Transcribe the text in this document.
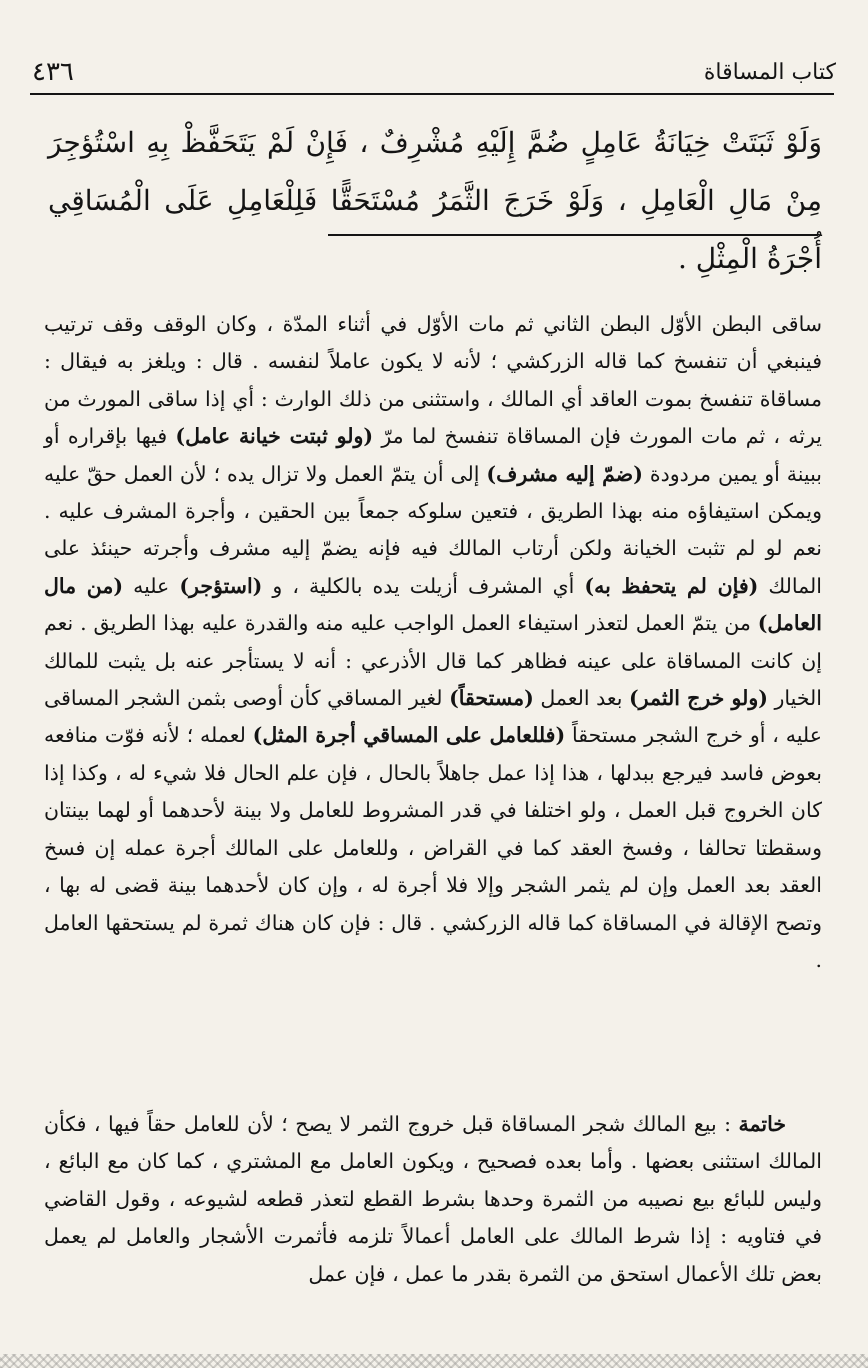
كتاب المساقاة
٤٣٦

وَلَوْ ثَبَتَتْ خِيَانَةُ عَامِلٍ ضُمَّ إِلَيْهِ مُشْرِفٌ ، فَإِنْ لَمْ يَتَحَفَّظْ بِهِ اسْتُؤجِرَ مِنْ مَالِ الْعَامِلِ ، وَلَوْ خَرَجَ الثَّمَرُ مُسْتَحَقًّا فَلِلْعَامِلِ عَلَى الْمُسَاقِي أُجْرَةُ الْمِثْلِ .

ساقى البطن الأوّل البطن الثاني ثم مات الأوّل في أثناء المدّة ، وكان الوقف وقف ترتيب فينبغي أن تنفسخ كما قاله الزركشي ؛ لأنه لا يكون عاملاً لنفسه . قال : ويلغز به فيقال : مساقاة تنفسخ بموت العاقد أي المالك ، واستثنى من ذلك الوارث : أي إذا ساقى المورث من يرثه ، ثم مات المورث فإن المساقاة تنفسخ لما مرّ (ولو ثبتت خيانة عامل) فيها بإقراره أو ببينة أو يمين مردودة (ضمّ إليه مشرف) إلى أن يتمّ العمل ولا تزال يده ؛ لأن العمل حقّ عليه ويمكن استيفاؤه منه بهذا الطريق ، فتعين سلوكه جمعاً بين الحقين ، وأجرة المشرف عليه . نعم لو لم تثبت الخيانة ولكن أرتاب المالك فيه فإنه يضمّ إليه مشرف وأجرته حينئذ على المالك (فإن لم يتحفظ به) أي المشرف أزيلت يده بالكلية ، و (استؤجر) عليه (من مال العامل) من يتمّ العمل لتعذر استيفاء العمل الواجب عليه منه والقدرة عليه بهذا الطريق . نعم إن كانت المساقاة على عينه فظاهر كما قال الأذرعي : أنه لا يستأجر عنه بل يثبت للمالك الخيار (ولو خرج الثمر) بعد العمل (مستحقاً) لغير المساقي كأن أوصى بثمن الشجر المساقى عليه ، أو خرج الشجر مستحقاً (فللعامل على المساقي أجرة المثل) لعمله ؛ لأنه فوّت منافعه بعوض فاسد فيرجع ببدلها ، هذا إذا عمل جاهلاً بالحال ، فإن علم الحال فلا شيء له ، وكذا إذا كان الخروج قبل العمل ، ولو اختلفا في قدر المشروط للعامل ولا بينة لأحدهما أو لهما بينتان وسقطتا تحالفا ، وفسخ العقد كما في القراض ، وللعامل على المالك أجرة عمله إن فسخ العقد بعد العمل وإن لم يثمر الشجر وإلا فلا أجرة له ، وإن كان لأحدهما بينة قضى له بها ، وتصح الإقالة في المساقاة كما قاله الزركشي . قال : فإن كان هناك ثمرة لم يستحقها العامل .

خاتمة : بيع المالك شجر المساقاة قبل خروج الثمر لا يصح ؛ لأن للعامل حقاً فيها ، فكأن المالك استثنى بعضها . وأما بعده فصحيح ، ويكون العامل مع المشتري ، كما كان مع البائع ، وليس للبائع بيع نصيبه من الثمرة وحدها بشرط القطع لتعذر قطعه لشيوعه ، وقول القاضي في فتاويه : إذا شرط المالك على العامل أعمالاً تلزمه فأثمرت الأشجار والعامل لم يعمل بعض تلك الأعمال استحق من الثمرة بقدر ما عمل ، فإن عمل
